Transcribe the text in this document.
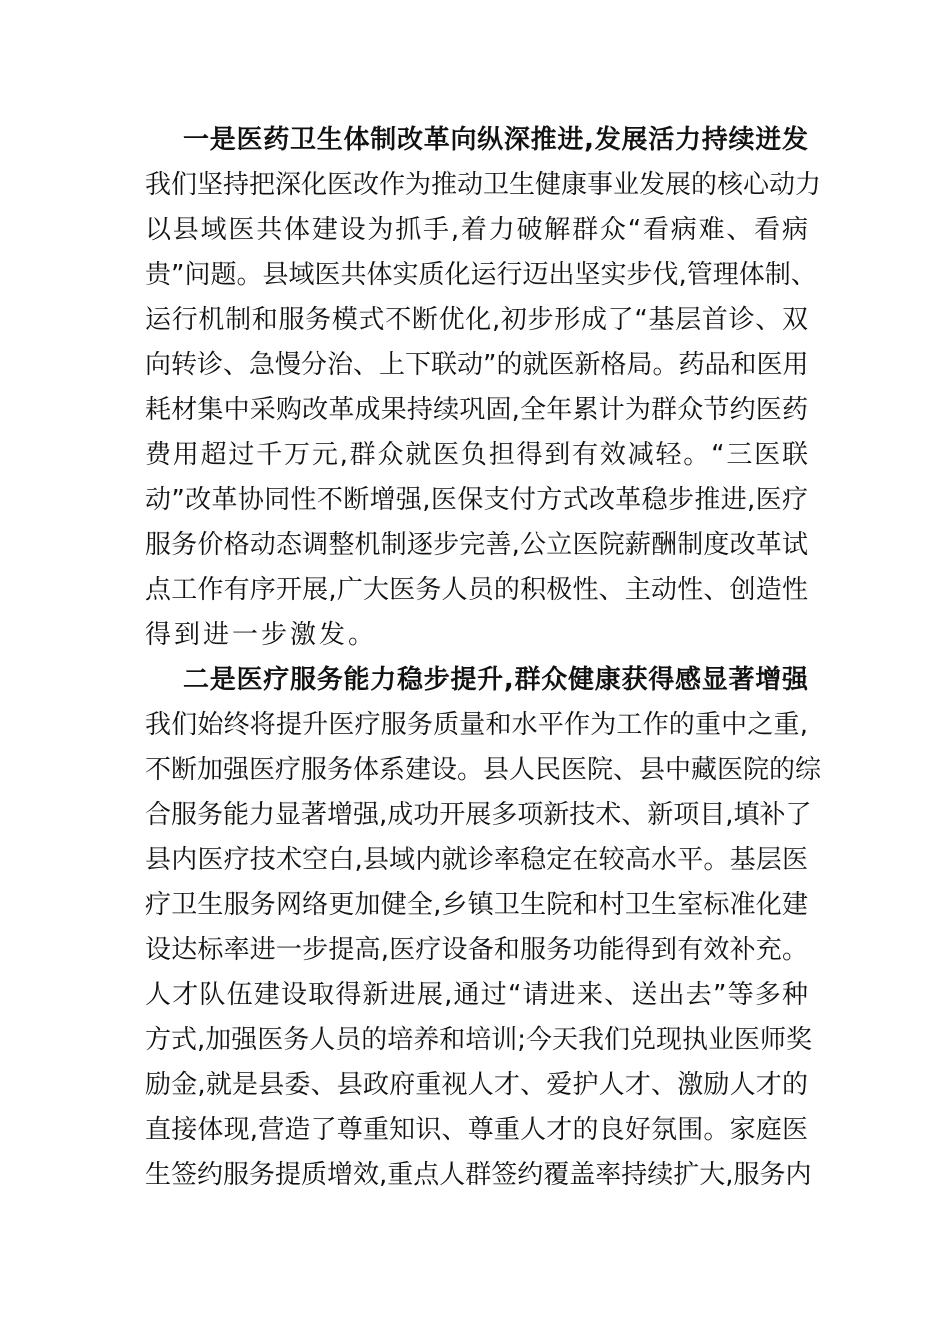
一是医药卫生体制改革向纵深推进,发展活力持续迸发
我们坚持把深化医改作为推动卫生健康事业发展的核心动力
以县域医共体建设为抓手,着力破解群众“看病难、看病
贵”问题。县域医共体实质化运行迈出坚实步伐,管理体制、
运行机制和服务模式不断优化,初步形成了“基层首诊、双
向转诊、急慢分治、上下联动”的就医新格局。药品和医用
耗材集中采购改革成果持续巩固,全年累计为群众节约医药
费用超过千万元,群众就医负担得到有效减轻。“三医联
动”改革协同性不断增强,医保支付方式改革稳步推进,医疗
服务价格动态调整机制逐步完善,公立医院薪酬制度改革试
点工作有序开展,广大医务人员的积极性、主动性、创造性
得到进一步激发。
二是医疗服务能力稳步提升,群众健康获得感显著增强
我们始终将提升医疗服务质量和水平作为工作的重中之重,
不断加强医疗服务体系建设。县人民医院、县中藏医院的综
合服务能力显著增强,成功开展多项新技术、新项目,填补了
县内医疗技术空白,县域内就诊率稳定在较高水平。基层医
疗卫生服务网络更加健全,乡镇卫生院和村卫生室标准化建
设达标率进一步提高,医疗设备和服务功能得到有效补充。
人才队伍建设取得新进展,通过“请进来、送出去”等多种
方式,加强医务人员的培养和培训;今天我们兑现执业医师奖
励金,就是县委、县政府重视人才、爱护人才、激励人才的
直接体现,营造了尊重知识、尊重人才的良好氛围。家庭医
生签约服务提质增效,重点人群签约覆盖率持续扩大,服务内
